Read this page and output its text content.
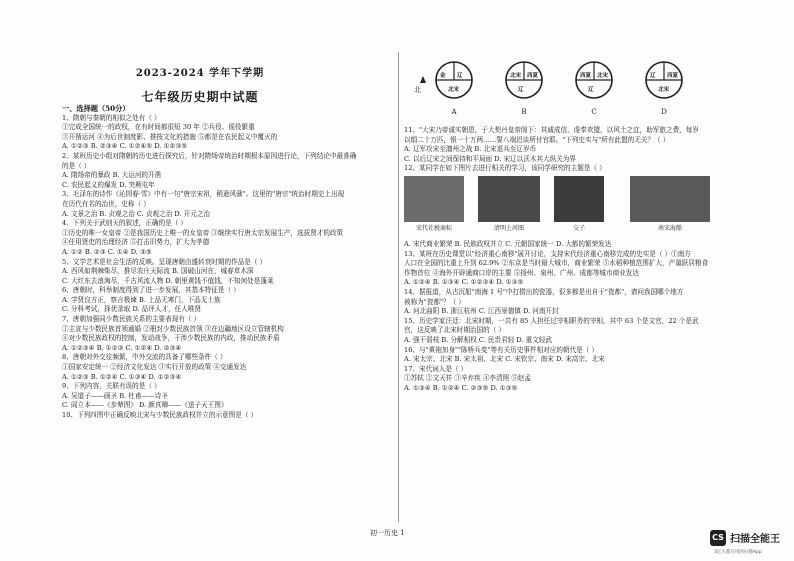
2023-2024 学年下学期
七年级历史期中试题
一、选择题（50分）
1、隋朝与秦朝的相似之处有（ ）
①完成全国统一的政权，在有时间都很短 30 年 ②兵役、徭役繁重
③开凿运河 ④为后世制度影、推按文化的措施 ⑤都是在农民起义中覆灭的
A. ①②③ B. ②③④ C. ①②④⑤ D. ①②③⑤
2、某班历史小组对隋朝的历史进行探究后，针对隋炀帝统治时期根本原因进行论，下列结论中最准确
的是（ ）
A. 隋炀帝的暴政 B. 大运河的开凿
C. 农民起义的爆发 D. 突厥屯年
3、毛泽东的诗作《沁园春·雪》中有一句"唐宗宋祖，稍逊风骚"。这里的"唐宗"统治时期史上出现
在历代有名的治世，史称（ ）
A. 文景之治 B. 贞观之治 C. 贞观之治 D. 开元之治
4、下列关于武则天的叙述，正确的是（ ）
①历史的唯一女皇帝 ②是我国历史上唯一的女皇帝 ③继续实行唐太宗发展生产，选拔贤才的政策
④任用贤吏的治理经济 ⑤打击旧势力，扩大为孝德
A. ①② B. ②③ C. ①④ D. ③⑤
5、文学艺术是社会生活的反映。呈现唐朝由盛转衰时期的作品是（ ）
A. 西风如荆棘柴尽，推尽农庄天际流 B. 国破山河在，城春草木深
C. 大红东去浪淘尽，千古风流人物 D. 朝里黄钱不值钱，不知何处是蓬莱
6、唐朝时，科举制度得到了进一步发展，其基本特征是（ ）
A. 学贤良方正，察言极谏 B. 上品无寒门，下品无士族
C. 分科考试，择优录取 D. 品评人才，任人唯贤
7、唐朝加强同少数民族关系的主要表现有（ ）
①主宣与少数民族首领通婚 ②册封少数民族首领 ③在边疆地区设立管辖机构
④对少数民族政权的控制，发动战争，干涉少数民族的内政，推动民族矛盾
A. ①②③④ B. ①②③ C. ①②④ D. ②③④
8、唐朝对外交往频繁，中外交流的具备了哪些条件（ ）
①国家安定统一 ②经济文化发达 ③实行开放的政策 ④交通发达
A. ①②③ B. ①②④ C. ①③④ D. ①②③④
9、下列内容，关联有误的是（ ）
A. 吴道子——画圣 B. 杜甫——诗圣
C. 阎立本——《步辇图》 D. 颜真卿——《送子天王图》
10、下列四图中正确反映北宋与少数民族政权并立的示意图是（ ）
北
金 辽
北宋
A
北宋 西夏
辽
B
西夏 北宋
辽
C
辽 西夏
北宋
D
11、"大宋乃帝诚实朝恩，于大契丹皇帝阁下：其诚成信，虔奉欢盟，以风土之宜，助军旅之费，每岁
以绢二十万匹，银一十万两……誓八端迟谈所付官耶。"下列史实与"所有此盟的无关？（ ）
A. 辽军攻宋至澶州之战 B. 北宋退兵至辽岁币
C. 以后辽宋之间保持和平局面 D. 宋辽以沃木其大纵关为界
12、某同学在如下图片去进行相关的学习，该同学研究的主题是（ ）
宋代社税商标	清明上河图	交子	南宋海船
A. 宋代商业繁荣 B. 民族政权并立 C. 元朝国家统一 D. 大都的繁荣发达
13、某班在历史课堂以"经济重心南移"展开讨论，支持宋代经济重心南移完成的史实是（ ）①南方
人口在全国的比重上升到 62.9% ②东京是当时最大城市，商业繁荣 ③水稻种植范围扩大，产量跃居粮食
作物首位 ④海外开辟通商口岸的主要 ⑤扬州、泉州、广州、成都等城市商业发达
A. ①②④ B. ①③④ C. ①②③④ D. ①③⑤
14、据报道，从古沉船"南海 1 号"中打捞出的瓷器，很多都是出自于"瓷都"，请问我国哪个地方
被称为"瓷都"？（ ）
A. 河北曲阳 B. 浙江杭州 C. 江西景德镇 D. 河南开封
15、历史学家汪廷：北宋时期，一共有 85 人担任过宰相职务的宰相，其中 63 个是文官，22 个是武
官，这反映了北宋时期治国的（ ）
A. 强干弱枝 B. 分解相权 C. 民贵君轻 D. 重文轻武
16、与"黄袍加身""陈桥兵变"等有关历史事件相对应的朝代是（ ）
A. 宋太宗、北宋 B. 宋太祖、北宋 C. 宋钦宗、南宋 D. 宋高宗、北宋
17、宋代词人是（ ）
①苏轼 ②文天祥 ③辛弃疾 ④李清照 ⑤赵孟
A. ①③④ B. ①②④ C. ②③⑤ D. ①③⑤
初一历史 1	CS 扫描全能王
3亿人都在用的扫描App
